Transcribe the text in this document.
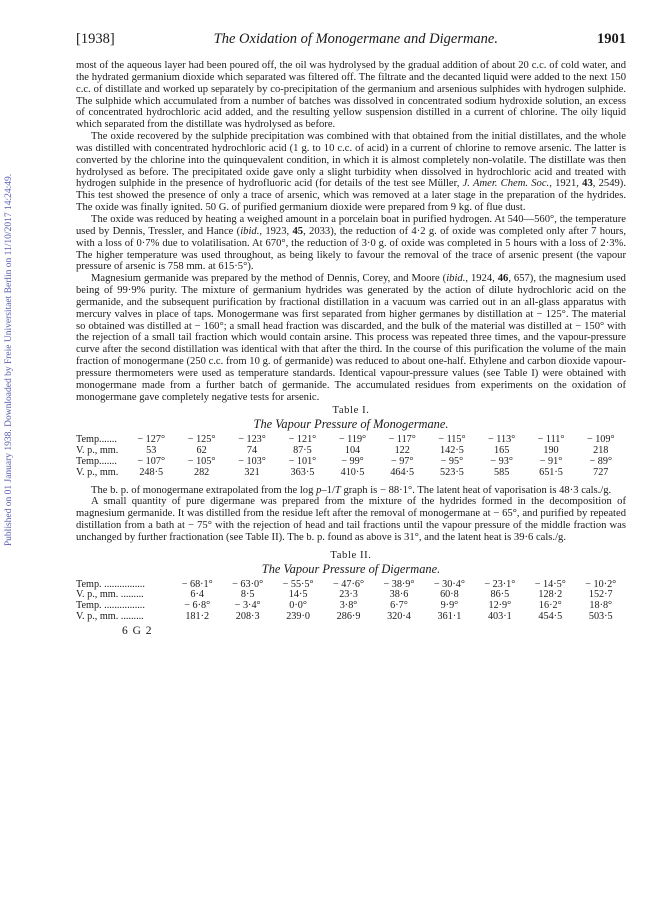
Published on 01 January 1938. Downloaded by Freie Universitaet Berlin on 11/10/2017 14:24:49.
[1938]	The Oxidation of Monogermane and Digermane.	1901

most of the aqueous layer had been poured off, the oil was hydrolysed by the gradual addition of about 20 c.c. of cold water, and the hydrated germanium dioxide which separated was filtered off. The filtrate and the decanted liquid were added to the next 150 c.c. of distillate and worked up separately by co-precipitation of the germanium and arsenious sulphides with hydrogen sulphide. The sulphide which accumulated from a number of batches was dissolved in concentrated sodium hydroxide solution, an excess of concentrated hydrochloric acid added, and the resulting yellow suspension distilled in a current of chlorine. The oily liquid which separated from the distillate was hydrolysed as before.

The oxide recovered by the sulphide precipitation was combined with that obtained from the initial distillates, and the whole was distilled with concentrated hydrochloric acid (1 g. to 10 c.c. of acid) in a current of chlorine to remove arsenic. The latter is converted by the chlorine into the quinquevalent condition, in which it is almost completely non-volatile. The distillate was then hydrolysed as before. The precipitated oxide gave only a slight turbidity when dissolved in hydrochloric acid and treated with hydrogen sulphide in the presence of hydrofluoric acid (for details of the test see Müller, J. Amer. Chem. Soc., 1921, 43, 2549). This test showed the presence of only a trace of arsenic, which was removed at a later stage in the preparation of the hydrides. The oxide was finally ignited. 50 G. of purified germanium dioxide were prepared from 9 kg. of flue dust.

The oxide was reduced by heating a weighed amount in a porcelain boat in purified hydrogen. At 540—560°, the temperature used by Dennis, Tressler, and Hance (ibid., 1923, 45, 2033), the reduction of 4·2 g. of oxide was completed only after 7 hours, with a loss of 0·7% due to volatilisation. At 670°, the reduction of 3·0 g. of oxide was completed in 5 hours with a loss of 2·3%. The higher temperature was used throughout, as being likely to favour the removal of the trace of arsenic present (the vapour pressure of arsenic is 758 mm. at 615·5°).

Magnesium germanide was prepared by the method of Dennis, Corey, and Moore (ibid., 1924, 46, 657), the magnesium used being of 99·9% purity. The mixture of germanium hydrides was generated by the action of dilute hydrochloric acid on the germanide, and the subsequent purification by fractional distillation in a vacuum was carried out in an all-glass apparatus with mercury valves in place of taps. Monogermane was first separated from higher germanes by distillation at − 125°. The material so obtained was distilled at − 160°; a small head fraction was discarded, and the bulk of the material was distilled at − 150° with the rejection of a small tail fraction which would contain arsine. This process was repeated three times, and the vapour-pressure curve after the second distillation was identical with that after the third. In the course of this purification the volume of the main fraction of monogermane (250 c.c. from 10 g. of germanide) was reduced to about one-half. Ethylene and carbon dioxide vapour-pressure thermometers were used as temperature standards. Identical vapour-pressure values (see Table I) were obtained with monogermane made from a further batch of germanide. The accumulated residues from experiments on the oxidation of monogermane gave completely negative tests for arsenic.

Table I.
The Vapour Pressure of Monogermane.
Temp.......	− 127°	− 125°	− 123°	− 121°	− 119°	− 117°	− 115°	− 113°	− 111°	− 109°
V. p., mm.	53	62	74	87·5	104	122	142·5	165	190	218
Temp.......	− 107°	− 105°	− 103°	− 101°	− 99°	− 97°	− 95°	− 93°	− 91°	− 89°
V. p., mm.	248·5	282	321	363·5	410·5	464·5	523·5	585	651·5	727

The b. p. of monogermane extrapolated from the log p–1/T graph is − 88·1°. The latent heat of vaporisation is 48·3 cals./g.

A small quantity of pure digermane was prepared from the mixture of the hydrides formed in the decomposition of magnesium germanide. It was distilled from the residue left after the removal of monogermane at − 65°, and purified by repeated distillation from a bath at − 75° with the rejection of head and tail fractions until the vapour pressure of the middle fraction was unchanged by further fractionation (see Table II). The b. p. found as above is 31°, and the latent heat is 39·6 cals./g.

Table II.
The Vapour Pressure of Digermane.
Temp. ................	− 68·1°	− 63·0°	− 55·5°	− 47·6°	− 38·9°	− 30·4°	− 23·1°	− 14·5°	− 10·2°
V. p., mm. .........	6·4	8·5	14·5	23·3	38·6	60·8	86·5	128·2	152·7
Temp. ................	− 6·8°	− 3·4°	0·0°	3·8°	6·7°	9·9°	12·9°	16·2°	18·8°
V. p., mm. .........	181·2	208·3	239·0	286·9	320·4	361·1	403·1	454·5	503·5
6 G 2
